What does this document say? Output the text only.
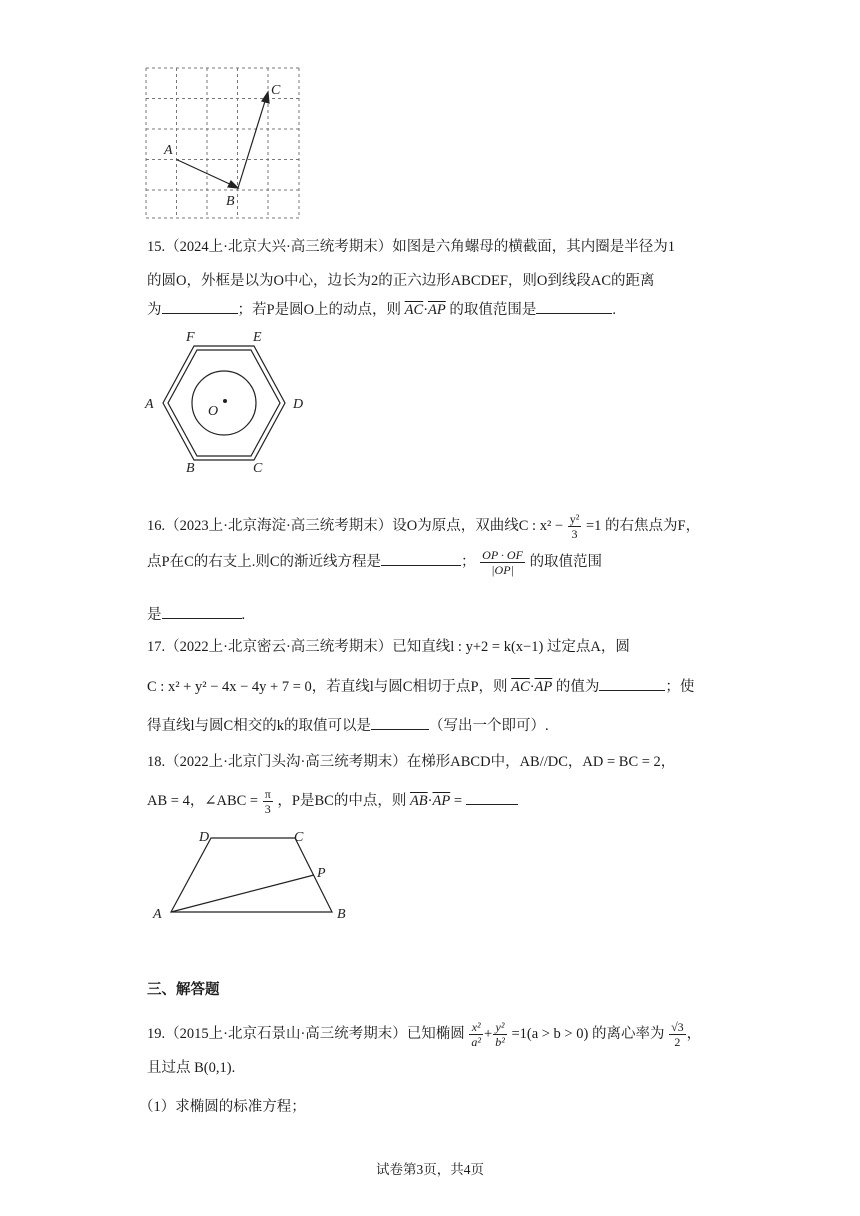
A
B
C
15.（2024上·北京大兴·高三统考期末）如图是六角螺母的横截面，其内圈是半径为1
的圆O，外框是以为O中心，边长为2的正六边形ABCDEF，则O到线段AC的距离
为	；若P是圆O上的动点，则 $\overline{AC}\cdot\overline{AP}$ 的取值范围是	.
F	E
A	D
B	C
O
16.（2023上·北京海淀·高三统考期末）设O为原点，双曲线C : $x^2 - \frac{\text{y²}}{3} =1$ 的右焦点为F，
点P在C的右支上.则C的渐近线方程是	； $\frac{OP \cdot OF}{|OP|}$ 的取值范围
是	.
17.（2022上·北京密云·高三统考期末）已知直线l : y+2 = k(x−1) 过定点A，圆
C : x² + y² − 4x − 4y + 7 = 0，若直线l与圆C相切于点P，则 $\overline{AC}\cdot\overline{AP}$ 的值为	；使
得直线l与圆C相交的k的取值可以是	（写出一个即可）.
18.（2022上·北京门头沟·高三统考期末）在梯形ABCD中，AB//DC，AD = BC = 2，
AB = 4，∠ABC = $\frac{\pi}{3}$ ，P是BC的中点，则 $\overline{AB}\cdot\overline{AP}$ =
D	C
P
A	B
三、解答题
19.（2015上·北京石景山·高三统考期末）已知椭圆 $\frac{\text{x²}}{\text{a²}} + \frac{\text{y²}}{\text{b²}} =1(a > b > 0)$ 的离心率为 $\frac{√3}{2}$ ，
且过点 B(0,1).
（1）求椭圆的标准方程；
试卷第3页，共4页
